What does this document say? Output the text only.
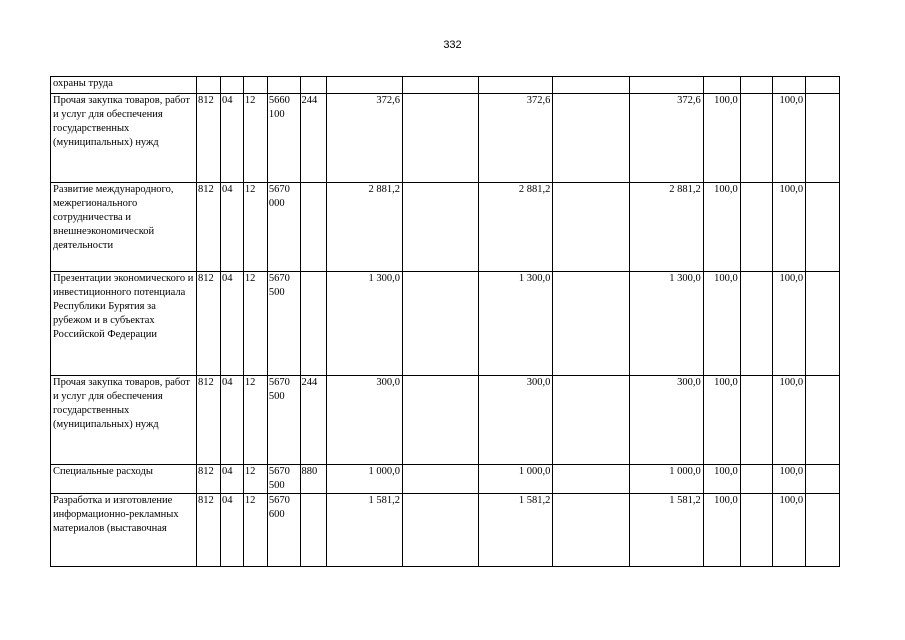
332
охраны труда														
Прочая закупка товаров, работ и услуг для обеспечения государственных (муниципальных) нужд	812	04	12	5660 100	244	372,6		372,6		372,6	100,0		100,0	
Развитие международного, межрегионального сотрудничества и внешнеэкономической деятельности	812	04	12	5670 000		2 881,2		2 881,2		2 881,2	100,0		100,0	
Презентации экономического и инвестиционного потенциала Республики Бурятия за рубежом и в субъектах Российской Федерации	812	04	12	5670 500		1 300,0		1 300,0		1 300,0	100,0		100,0	
Прочая закупка товаров, работ и услуг для обеспечения государственных (муниципальных) нужд	812	04	12	5670 500	244	300,0		300,0		300,0	100,0		100,0	
Специальные расходы	812	04	12	5670 500	880	1 000,0		1 000,0		1 000,0	100,0		100,0	
Разработка и изготовление информационно-рекламных материалов (выставочная	812	04	12	5670 600		1 581,2		1 581,2		1 581,2	100,0		100,0	
